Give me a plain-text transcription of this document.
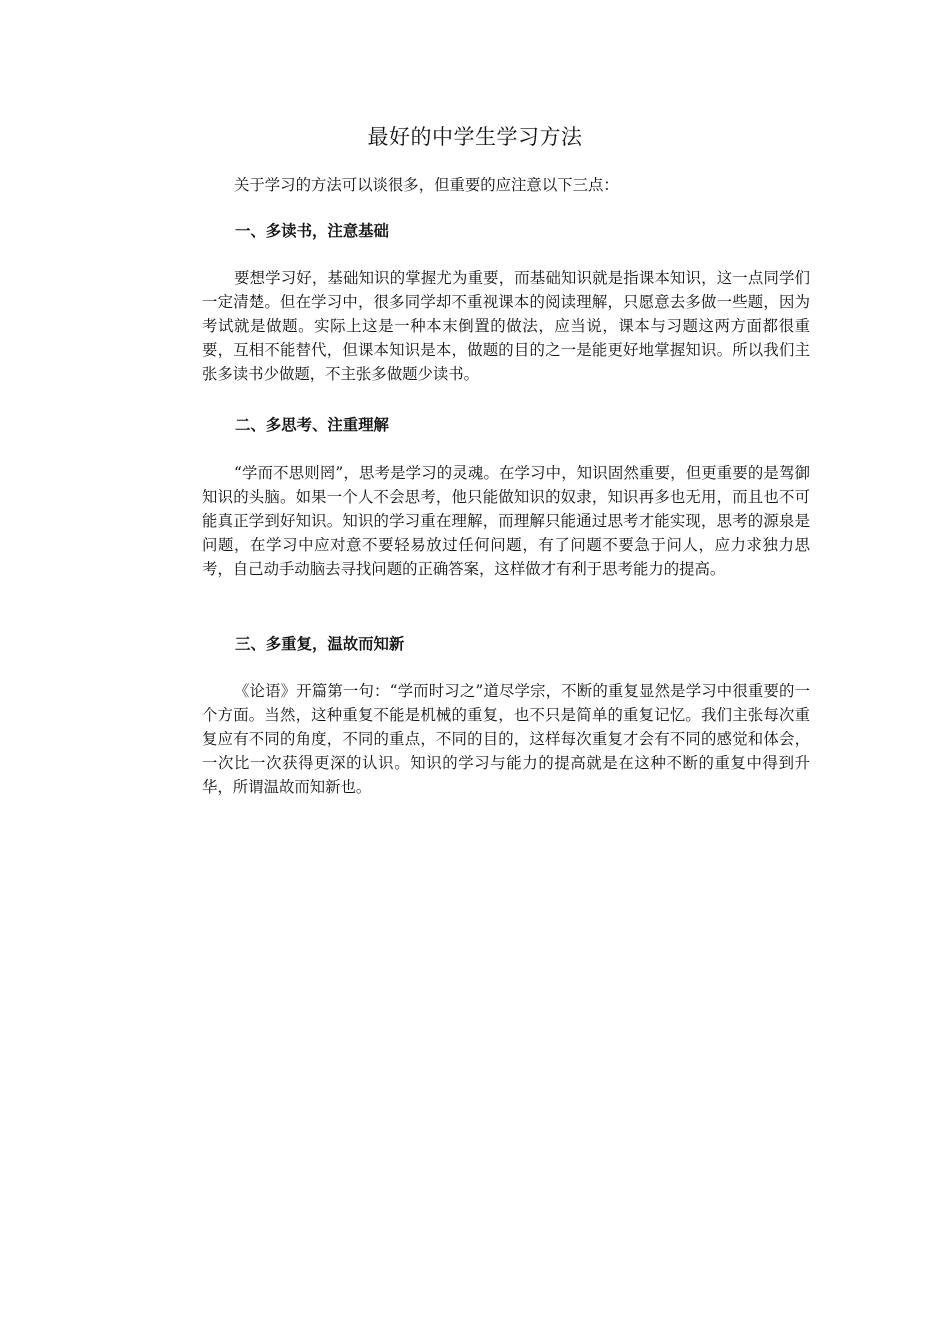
最好的中学生学习方法
关于学习的方法可以谈很多，但重要的应注意以下三点：
一、多读书，注意基础
要想学习好，基础知识的掌握尤为重要，而基础知识就是指课本知识，这一点同学们一定清楚。但在学习中，很多同学却不重视课本的阅读理解，只愿意去多做一些题，因为考试就是做题。实际上这是一种本末倒置的做法，应当说，课本与习题这两方面都很重要，互相不能替代，但课本知识是本，做题的目的之一是能更好地掌握知识。所以我们主张多读书少做题，不主张多做题少读书。
二、多思考、注重理解
“学而不思则罔”，思考是学习的灵魂。在学习中，知识固然重要，但更重要的是驾御知识的头脑。如果一个人不会思考，他只能做知识的奴隶，知识再多也无用，而且也不可能真正学到好知识。知识的学习重在理解，而理解只能通过思考才能实现，思考的源泉是问题，在学习中应对意不要轻易放过任何问题，有了问题不要急于问人，应力求独力思考，自己动手动脑去寻找问题的正确答案，这样做才有利于思考能力的提高。
三、多重复，温故而知新
《论语》开篇第一句：“学而时习之”道尽学宗，不断的重复显然是学习中很重要的一个方面。当然，这种重复不能是机械的重复，也不只是简单的重复记忆。我们主张每次重复应有不同的角度，不同的重点，不同的目的，这样每次重复才会有不同的感觉和体会，一次比一次获得更深的认识。知识的学习与能力的提高就是在这种不断的重复中得到升华，所谓温故而知新也。
